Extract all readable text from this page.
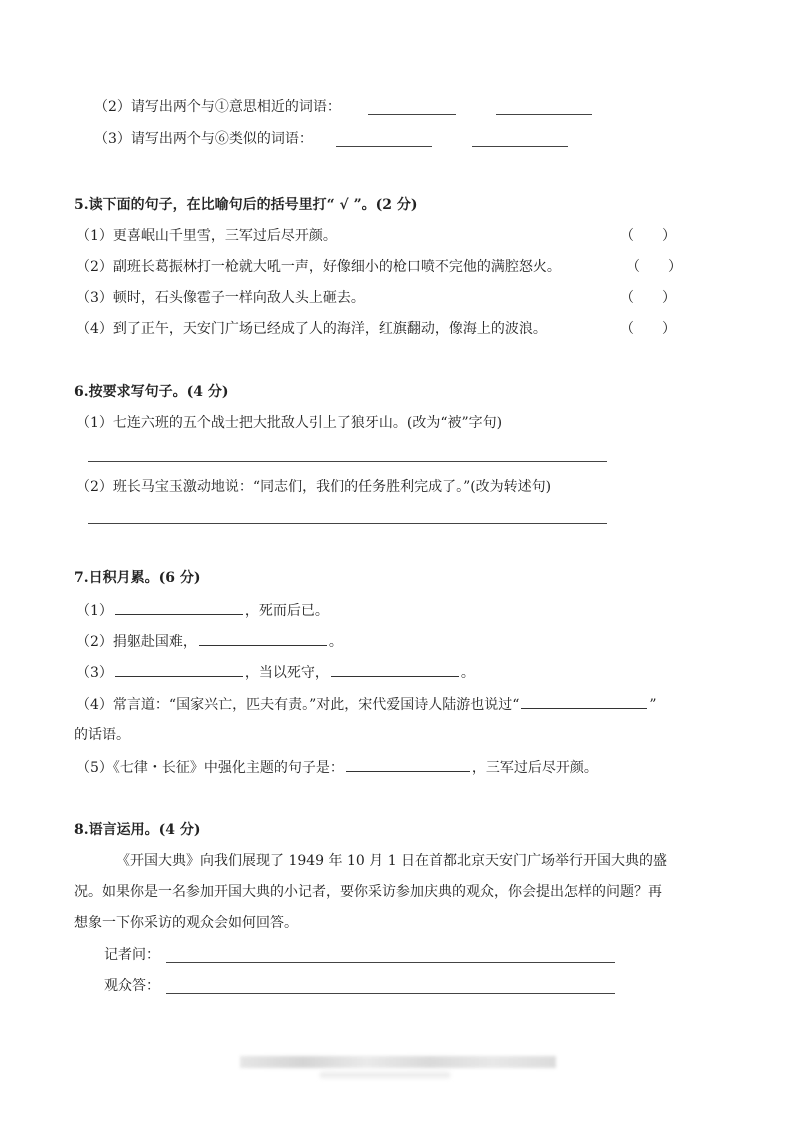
（2）请写出两个与①意思相近的词语：
（3）请写出两个与⑥类似的词语：
5.读下面的句子，在比喻句后的括号里打“ √ ”。(2 分)
（1）更喜岷山千里雪，三军过后尽开颜。	（　　）
（2）副班长葛振林打一枪就大吼一声，好像细小的枪口喷不完他的满腔怒火。	（　　）
（3）顿时，石头像雹子一样向敌人头上砸去。	（　　）
（4）到了正午，天安门广场已经成了人的海洋，红旗翻动，像海上的波浪。	（　　）
6.按要求写句子。(4 分)
（1）七连六班的五个战士把大批敌人引上了狼牙山。(改为“被”字句)
（2）班长马宝玉激动地说：“同志们，我们的任务胜利完成了。”(改为转述句)
7.日积月累。(6 分)
（1）	，死而后已。
（2）捐躯赴国难，	。
（3）	，当以死守，	。
（4）常言道：“国家兴亡，匹夫有责。”对此，宋代爱国诗人陆游也说过“	”
的话语。
（5）《七律・长征》中强化主题的句子是：	，三军过后尽开颜。
8.语言运用。(4 分)
《开国大典》向我们展现了 1949 年 10 月 1 日在首都北京天安门广场举行开国大典的盛
况。如果你是一名参加开国大典的小记者，要你采访参加庆典的观众，你会提出怎样的问题？再
想象一下你采访的观众会如何回答。
记者问：
观众答：
